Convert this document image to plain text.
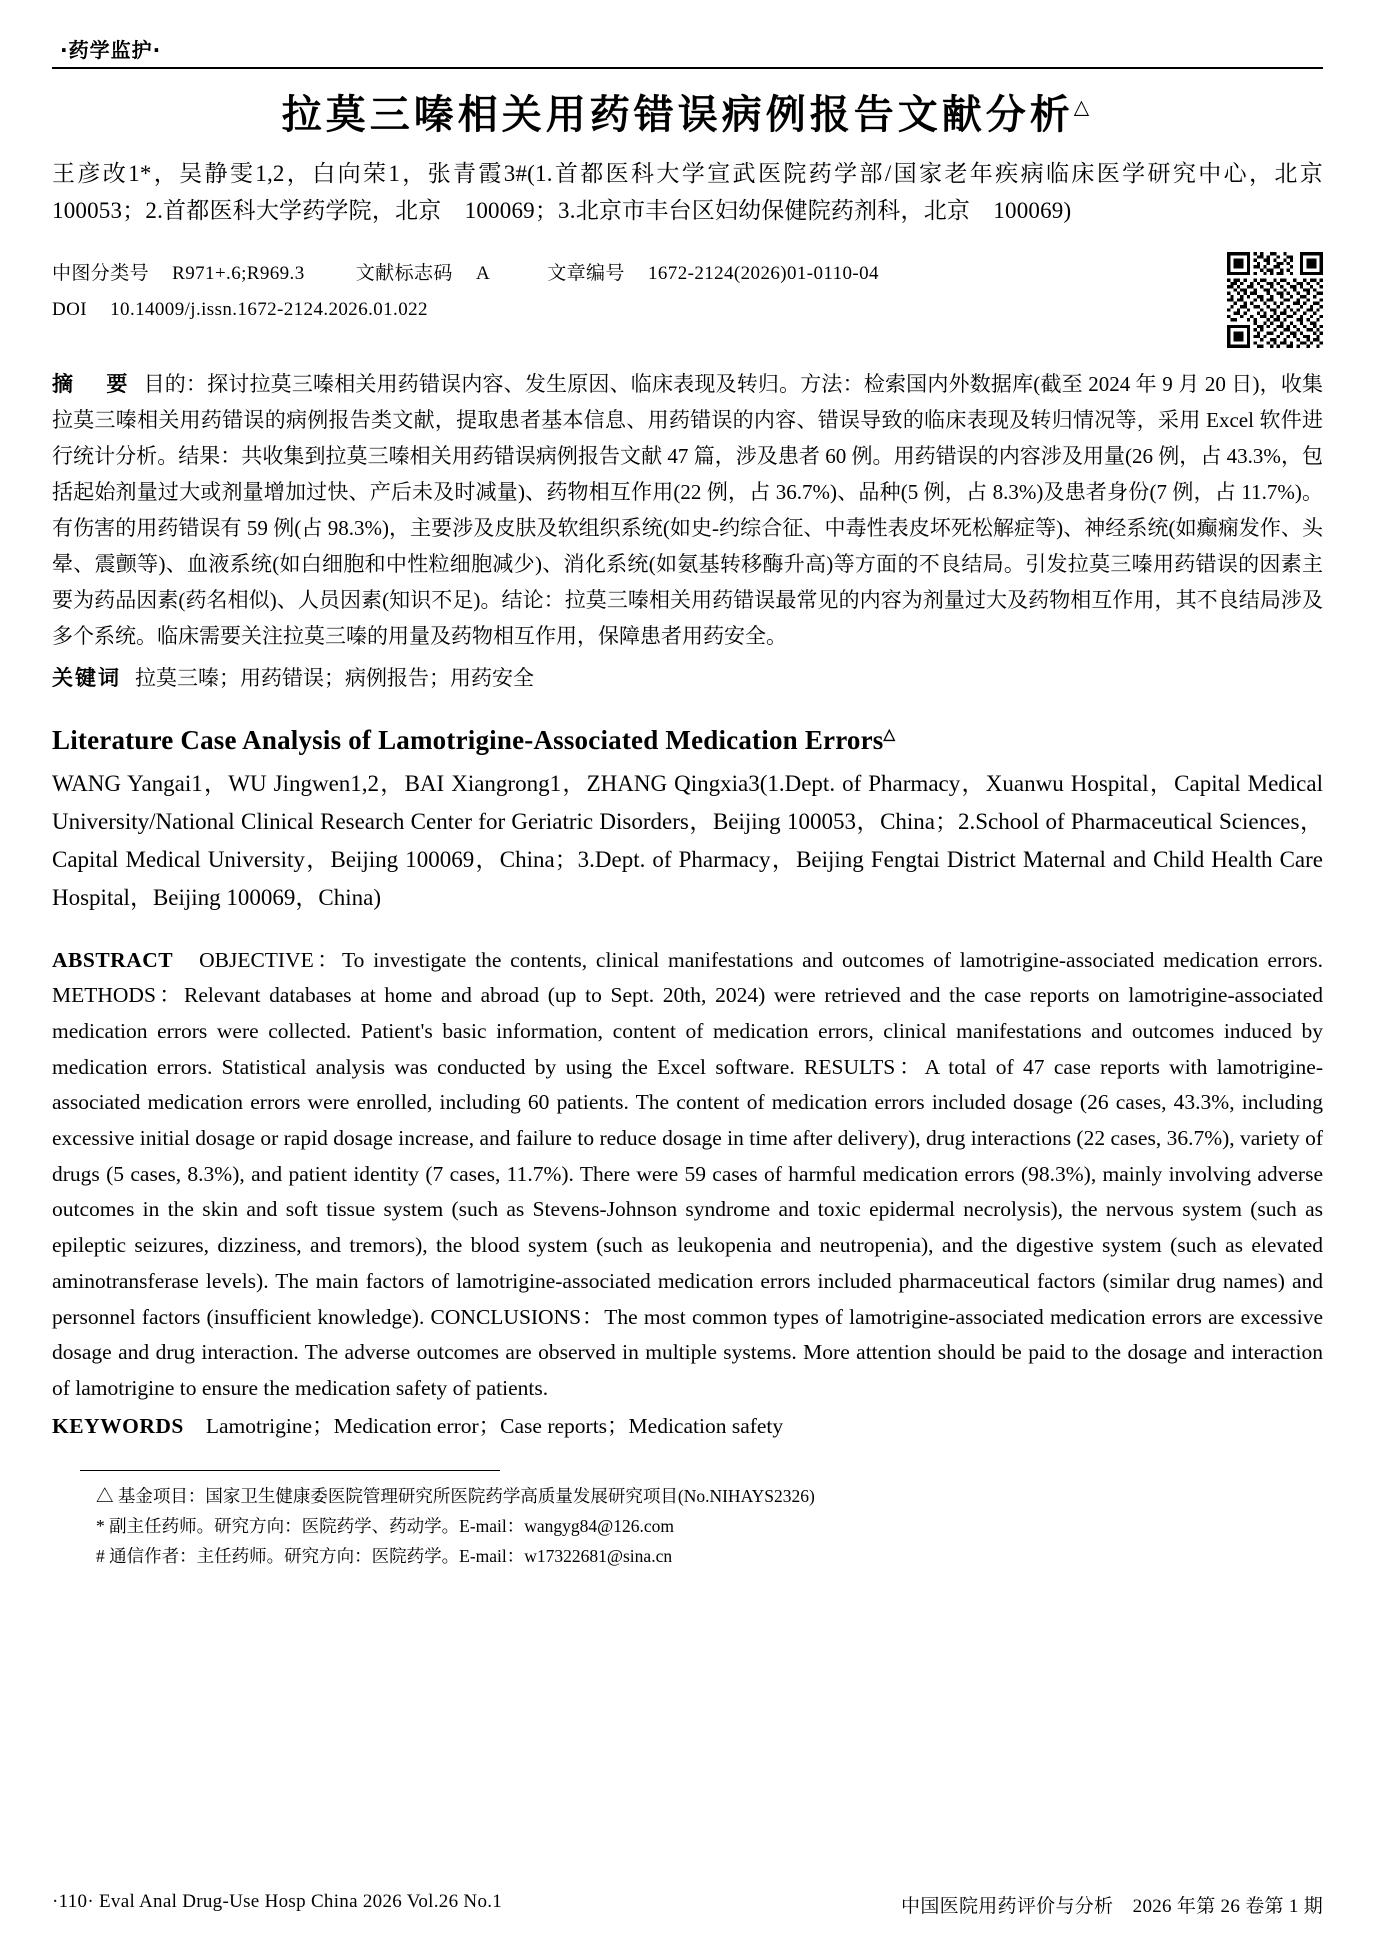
·药学监护·
拉莫三嗪相关用药错误病例报告文献分析△
王彦改1*，吴静雯1,2，白向荣1，张青霞3#(1.首都医科大学宣武医院药学部/国家老年疾病临床医学研究中心，北京　100053；2.首都医科大学药学院，北京　100069；3.北京市丰台区妇幼保健院药剂科，北京　100069)
中图分类号 R971+.6;R969.3	文献标志码 A	文章编号 1672-2124(2026)01-0110-04
DOI 10.14009/j.issn.1672-2124.2026.01.022
摘　要 目的：探讨拉莫三嗪相关用药错误内容、发生原因、临床表现及转归。方法：检索国内外数据库(截至 2024 年 9 月 20 日)，收集拉莫三嗪相关用药错误的病例报告类文献，提取患者基本信息、用药错误的内容、错误导致的临床表现及转归情况等，采用 Excel 软件进行统计分析。结果：共收集到拉莫三嗪相关用药错误病例报告文献 47 篇，涉及患者 60 例。用药错误的内容涉及用量(26 例，占 43.3%，包括起始剂量过大或剂量增加过快、产后未及时减量)、药物相互作用(22 例，占 36.7%)、品种(5 例，占 8.3%)及患者身份(7 例，占 11.7%)。有伤害的用药错误有 59 例(占 98.3%)，主要涉及皮肤及软组织系统(如史-约综合征、中毒性表皮坏死松解症等)、神经系统(如癫痫发作、头晕、震颤等)、血液系统(如白细胞和中性粒细胞减少)、消化系统(如氨基转移酶升高)等方面的不良结局。引发拉莫三嗪用药错误的因素主要为药品因素(药名相似)、人员因素(知识不足)。结论：拉莫三嗪相关用药错误最常见的内容为剂量过大及药物相互作用，其不良结局涉及多个系统。临床需要关注拉莫三嗪的用量及药物相互作用，保障患者用药安全。
关键词 拉莫三嗪；用药错误；病例报告；用药安全
Literature Case Analysis of Lamotrigine-Associated Medication Errors△
WANG Yangai1，WU Jingwen1,2，BAI Xiangrong1，ZHANG Qingxia3(1.Dept. of Pharmacy，Xuanwu Hospital，Capital Medical University/National Clinical Research Center for Geriatric Disorders，Beijing 100053，China；2.School of Pharmaceutical Sciences，Capital Medical University，Beijing 100069，China；3.Dept. of Pharmacy，Beijing Fengtai District Maternal and Child Health Care Hospital，Beijing 100069，China)
ABSTRACT OBJECTIVE：To investigate the contents, clinical manifestations and outcomes of lamotrigine-associated medication errors. METHODS：Relevant databases at home and abroad (up to Sept. 20th, 2024) were retrieved and the case reports on lamotrigine-associated medication errors were collected. Patient's basic information, content of medication errors, clinical manifestations and outcomes induced by medication errors. Statistical analysis was conducted by using the Excel software. RESULTS：A total of 47 case reports with lamotrigine-associated medication errors were enrolled, including 60 patients. The content of medication errors included dosage (26 cases, 43.3%, including excessive initial dosage or rapid dosage increase, and failure to reduce dosage in time after delivery), drug interactions (22 cases, 36.7%), variety of drugs (5 cases, 8.3%), and patient identity (7 cases, 11.7%). There were 59 cases of harmful medication errors (98.3%), mainly involving adverse outcomes in the skin and soft tissue system (such as Stevens-Johnson syndrome and toxic epidermal necrolysis), the nervous system (such as epileptic seizures, dizziness, and tremors), the blood system (such as leukopenia and neutropenia), and the digestive system (such as elevated aminotransferase levels). The main factors of lamotrigine-associated medication errors included pharmaceutical factors (similar drug names) and personnel factors (insufficient knowledge). CONCLUSIONS：The most common types of lamotrigine-associated medication errors are excessive dosage and drug interaction. The adverse outcomes are observed in multiple systems. More attention should be paid to the dosage and interaction of lamotrigine to ensure the medication safety of patients.
KEYWORDS Lamotrigine；Medication error；Case reports；Medication safety
△ 基金项目：国家卫生健康委医院管理研究所医院药学高质量发展研究项目(No.NIHAYS2326)
* 副主任药师。研究方向：医院药学、药动学。E-mail：wangyg84@126.com
# 通信作者：主任药师。研究方向：医院药学。E-mail：w17322681@sina.cn
·110· Eval Anal Drug-Use Hosp China 2026 Vol.26 No.1	中国医院用药评价与分析　2026 年第 26 卷第 1 期
